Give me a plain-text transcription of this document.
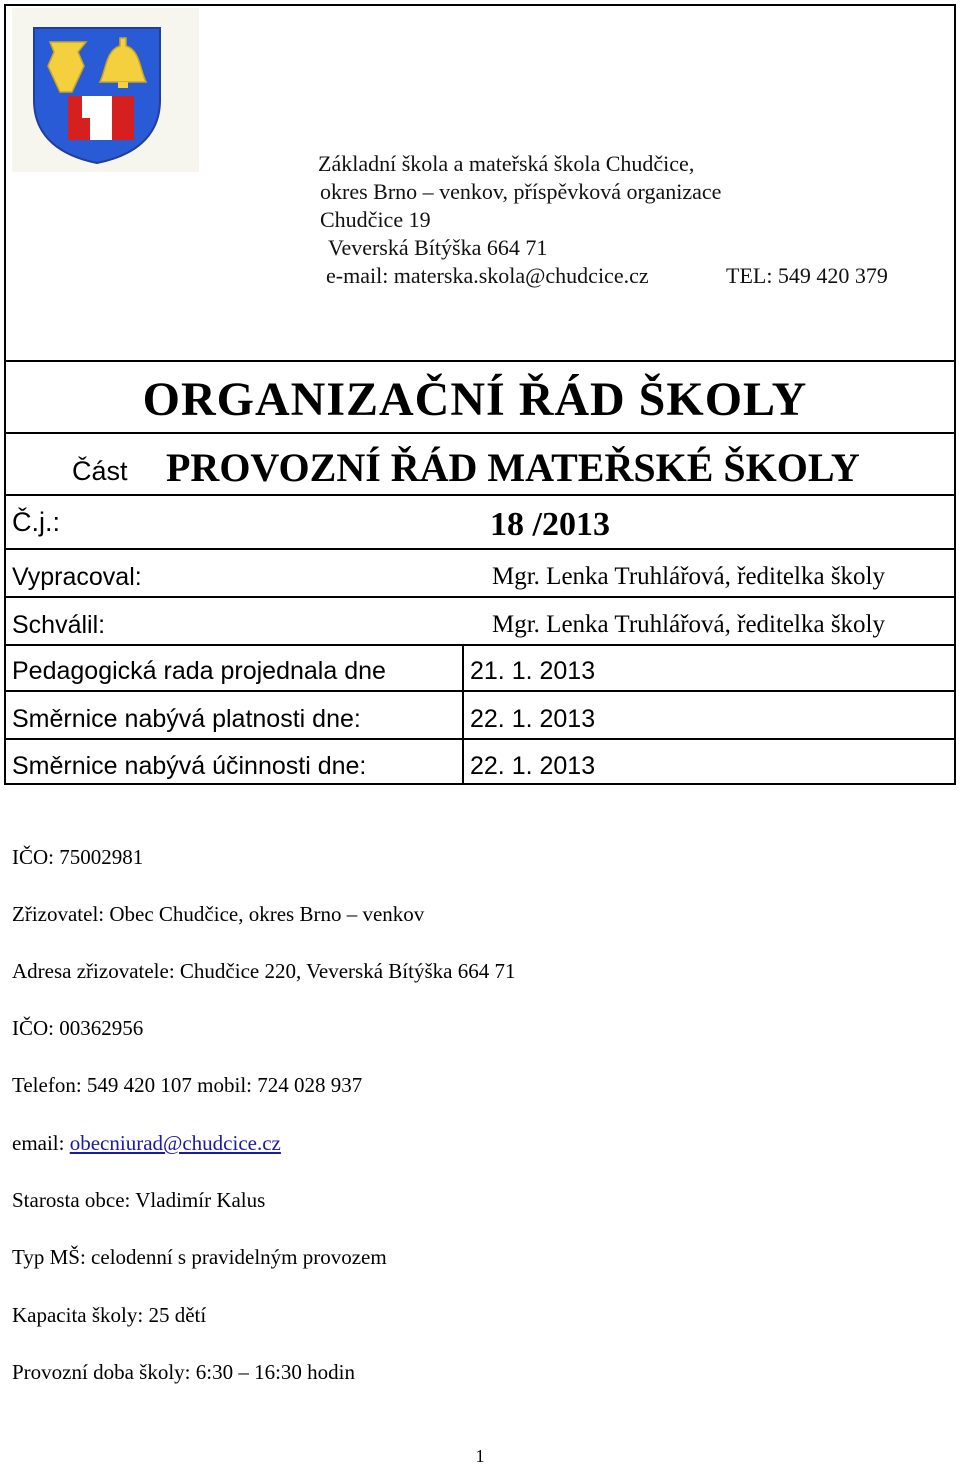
Základní škola a mateřská škola Chudčice,
okres Brno – venkov, příspěvková organizace
Chudčice 19
Veverská Bítýška 664 71
e-mail: materska.skola@chudcice.cz	TEL: 549 420 379
ORGANIZAČNÍ ŘÁD ŠKOLY
Část PROVOZNÍ ŘÁD MATEŘSKÉ ŠKOLY
Č.j.:	18 /2013
Vypracoval:	Mgr. Lenka Truhlářová, ředitelka školy
Schválil:	Mgr. Lenka Truhlářová, ředitelka školy
Pedagogická rada projednala dne	21. 1. 2013
Směrnice nabývá platnosti dne:	22. 1. 2013
Směrnice nabývá účinnosti dne:	22. 1. 2013
IČO: 75002981
Zřizovatel: Obec Chudčice, okres Brno – venkov
Adresa zřizovatele: Chudčice 220, Veverská Bítýška 664 71
IČO: 00362956
Telefon: 549 420 107 mobil: 724 028 937
email: obecniurad@chudcice.cz
Starosta obce: Vladimír Kalus
Typ MŠ: celodenní s pravidelným provozem
Kapacita školy: 25 dětí
Provozní doba školy: 6:30 – 16:30 hodin
1
